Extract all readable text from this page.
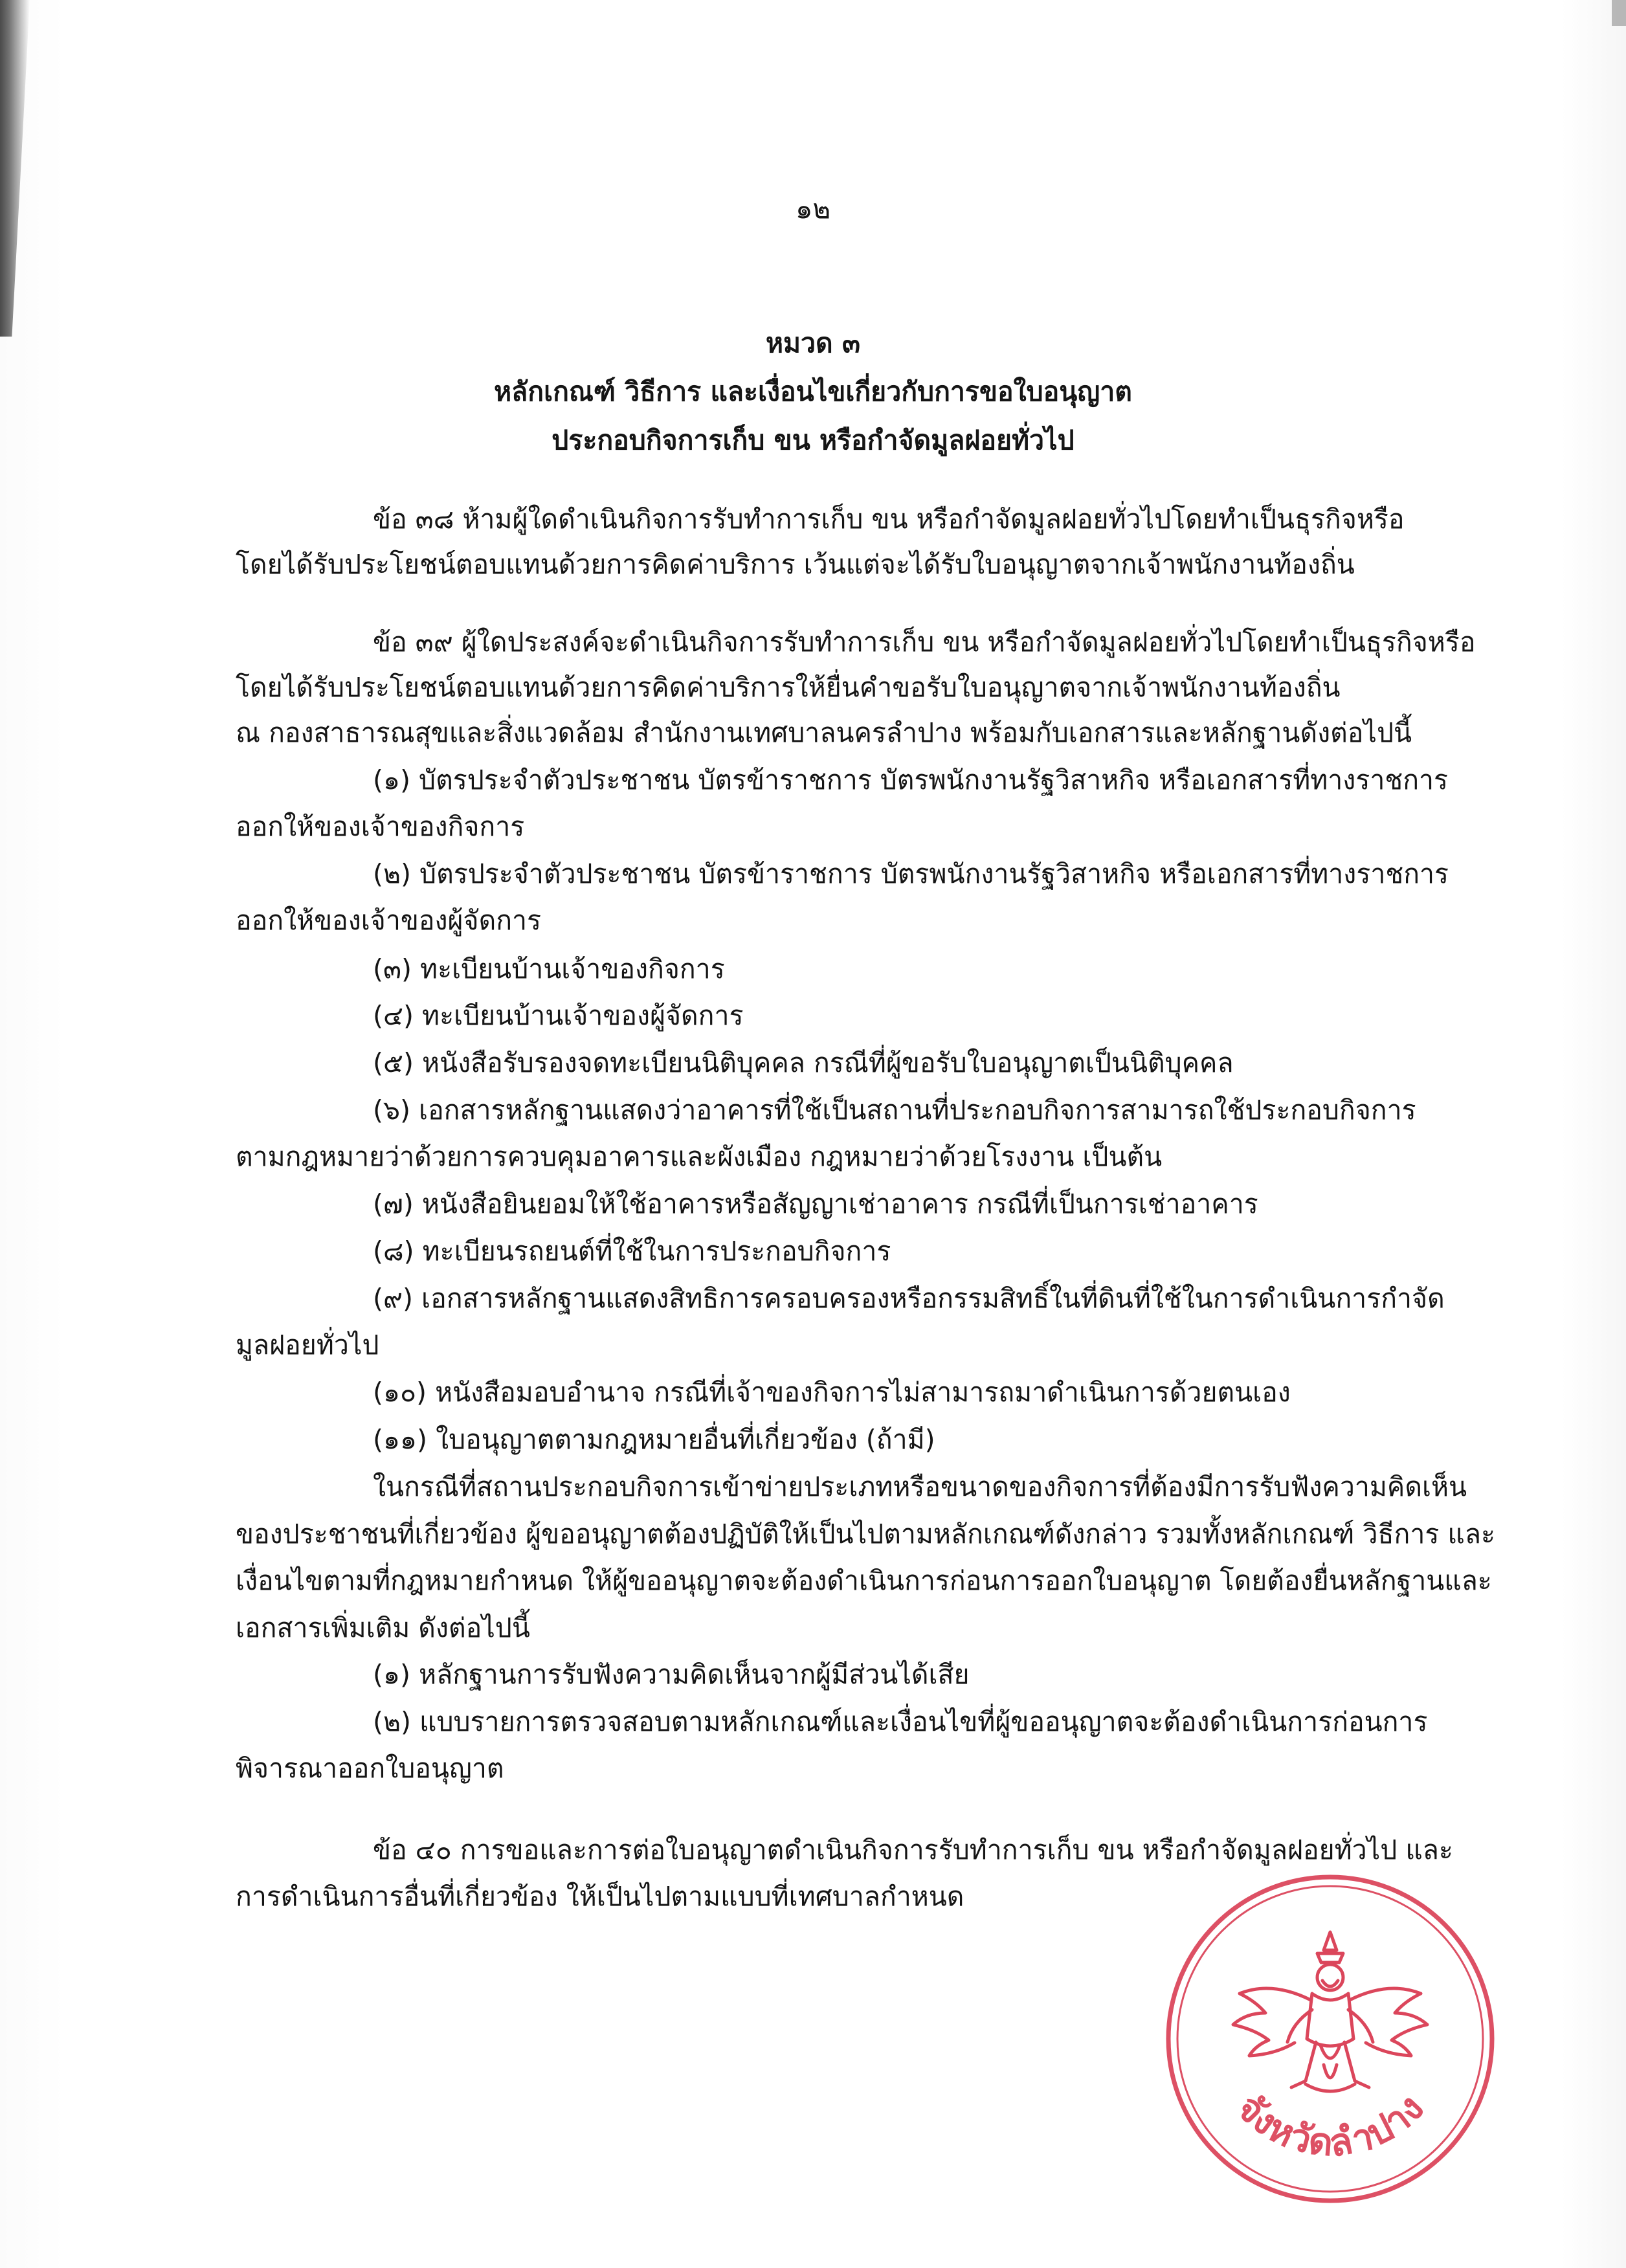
๑๒
หมวด ๓
หลักเกณฑ์ วิธีการ และเงื่อนไขเกี่ยวกับการขอใบอนุญาต
ประกอบกิจการเก็บ ขน หรือกำจัดมูลฝอยทั่วไป
ข้อ ๓๘ ห้ามผู้ใดดำเนินกิจการรับทำการเก็บ ขน หรือกำจัดมูลฝอยทั่วไปโดยทำเป็นธุรกิจหรือ
โดยได้รับประโยชน์ตอบแทนด้วยการคิดค่าบริการ เว้นแต่จะได้รับใบอนุญาตจากเจ้าพนักงานท้องถิ่น
ข้อ ๓๙ ผู้ใดประสงค์จะดำเนินกิจการรับทำการเก็บ ขน หรือกำจัดมูลฝอยทั่วไปโดยทำเป็นธุรกิจหรือ
โดยได้รับประโยชน์ตอบแทนด้วยการคิดค่าบริการให้ยื่นคำขอรับใบอนุญาตจากเจ้าพนักงานท้องถิ่น
ณ กองสาธารณสุขและสิ่งแวดล้อม สำนักงานเทศบาลนครลำปาง พร้อมกับเอกสารและหลักฐานดังต่อไปนี้
(๑) บัตรประจำตัวประชาชน บัตรข้าราชการ บัตรพนักงานรัฐวิสาหกิจ หรือเอกสารที่ทางราชการ
ออกให้ของเจ้าของกิจการ
(๒) บัตรประจำตัวประชาชน บัตรข้าราชการ บัตรพนักงานรัฐวิสาหกิจ หรือเอกสารที่ทางราชการ
ออกให้ของเจ้าของผู้จัดการ
(๓) ทะเบียนบ้านเจ้าของกิจการ
(๔) ทะเบียนบ้านเจ้าของผู้จัดการ
(๕) หนังสือรับรองจดทะเบียนนิติบุคคล กรณีที่ผู้ขอรับใบอนุญาตเป็นนิติบุคคล
(๖) เอกสารหลักฐานแสดงว่าอาคารที่ใช้เป็นสถานที่ประกอบกิจการสามารถใช้ประกอบกิจการ
ตามกฎหมายว่าด้วยการควบคุมอาคารและผังเมือง กฎหมายว่าด้วยโรงงาน เป็นต้น
(๗) หนังสือยินยอมให้ใช้อาคารหรือสัญญาเช่าอาคาร กรณีที่เป็นการเช่าอาคาร
(๘) ทะเบียนรถยนต์ที่ใช้ในการประกอบกิจการ
(๙) เอกสารหลักฐานแสดงสิทธิการครอบครองหรือกรรมสิทธิ์ในที่ดินที่ใช้ในการดำเนินการกำจัด
มูลฝอยทั่วไป
(๑๐) หนังสือมอบอำนาจ กรณีที่เจ้าของกิจการไม่สามารถมาดำเนินการด้วยตนเอง
(๑๑) ใบอนุญาตตามกฎหมายอื่นที่เกี่ยวข้อง (ถ้ามี)
ในกรณีที่สถานประกอบกิจการเข้าข่ายประเภทหรือขนาดของกิจการที่ต้องมีการรับฟังความคิดเห็น
ของประชาชนที่เกี่ยวข้อง ผู้ขออนุญาตต้องปฏิบัติให้เป็นไปตามหลักเกณฑ์ดังกล่าว รวมทั้งหลักเกณฑ์ วิธีการ และ
เงื่อนไขตามที่กฎหมายกำหนด ให้ผู้ขออนุญาตจะต้องดำเนินการก่อนการออกใบอนุญาต โดยต้องยื่นหลักฐานและ
เอกสารเพิ่มเติม ดังต่อไปนี้
(๑) หลักฐานการรับฟังความคิดเห็นจากผู้มีส่วนได้เสีย
(๒) แบบรายการตรวจสอบตามหลักเกณฑ์และเงื่อนไขที่ผู้ขออนุญาตจะต้องดำเนินการก่อนการ
พิจารณาออกใบอนุญาต
ข้อ ๔๐ การขอและการต่อใบอนุญาตดำเนินกิจการรับทำการเก็บ ขน หรือกำจัดมูลฝอยทั่วไป และ
การดำเนินการอื่นที่เกี่ยวข้อง ให้เป็นไปตามแบบที่เทศบาลกำหนด
จังหวัดลำปาง
